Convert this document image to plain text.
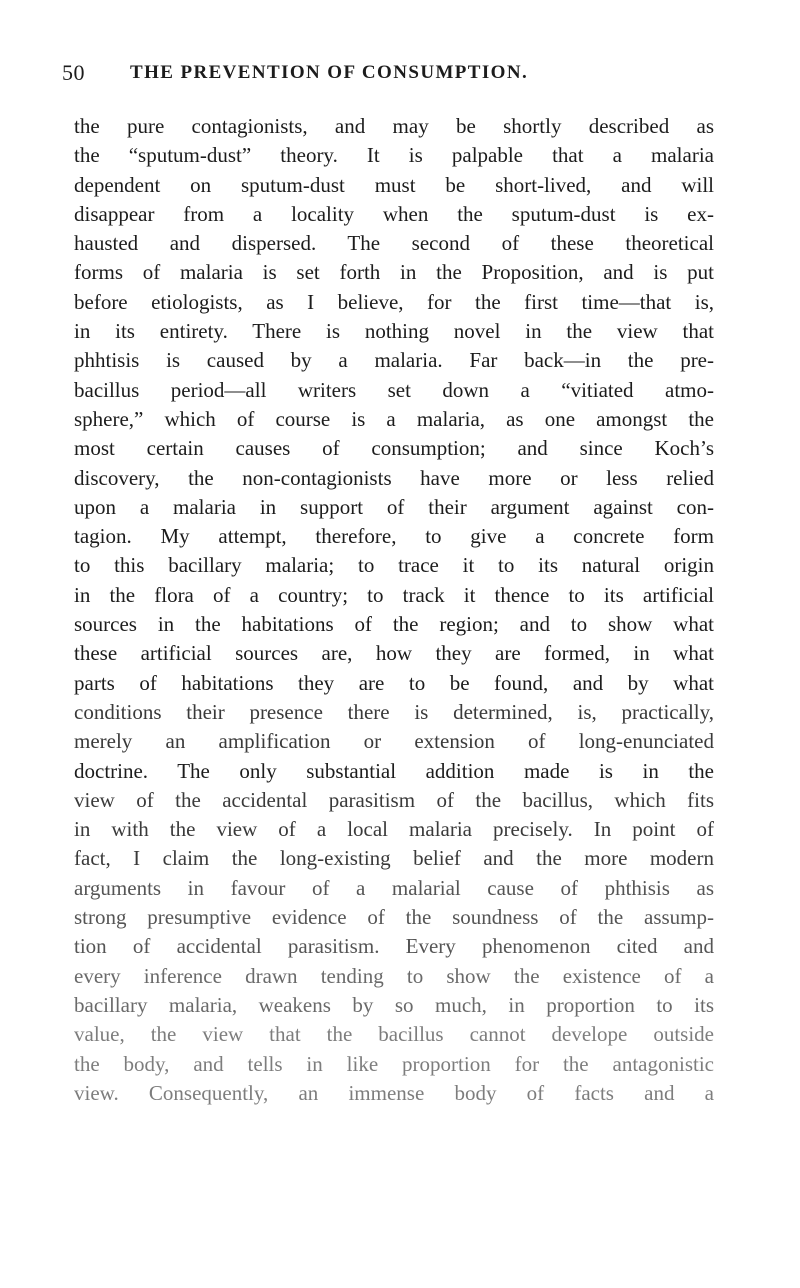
50 THE PREVENTION OF CONSUMPTION.
the pure contagionists, and may be shortly described as
the “sputum-dust” theory. It is palpable that a malaria
dependent on sputum-dust must be short-lived, and will
disappear from a locality when the sputum-dust is ex-
hausted and dispersed. The second of these theoretical
forms of malaria is set forth in the Proposition, and is put
before etiologists, as I believe, for the first time—that is,
in its entirety. There is nothing novel in the view that
phhtisis is caused by a malaria. Far back—in the pre-
bacillus period—all writers set down a “vitiated atmo-
sphere,” which of course is a malaria, as one amongst the
most certain causes of consumption; and since Koch’s
discovery, the non-contagionists have more or less relied
upon a malaria in support of their argument against con-
tagion. My attempt, therefore, to give a concrete form
to this bacillary malaria; to trace it to its natural origin
in the flora of a country; to track it thence to its artificial
sources in the habitations of the region; and to show what
these artificial sources are, how they are formed, in what
parts of habitations they are to be found, and by what
conditions their presence there is determined, is, practically,
merely an amplification or extension of long-enunciated
doctrine. The only substantial addition made is in the
view of the accidental parasitism of the bacillus, which fits
in with the view of a local malaria precisely. In point of
fact, I claim the long-existing belief and the more modern
arguments in favour of a malarial cause of phthisis as
strong presumptive evidence of the soundness of the assump-
tion of accidental parasitism. Every phenomenon cited and
every inference drawn tending to show the existence of a
bacillary malaria, weakens by so much, in proportion to its
value, the view that the bacillus cannot develope outside
the body, and tells in like proportion for the antagonistic
view. Consequently, an immense body of facts and a
